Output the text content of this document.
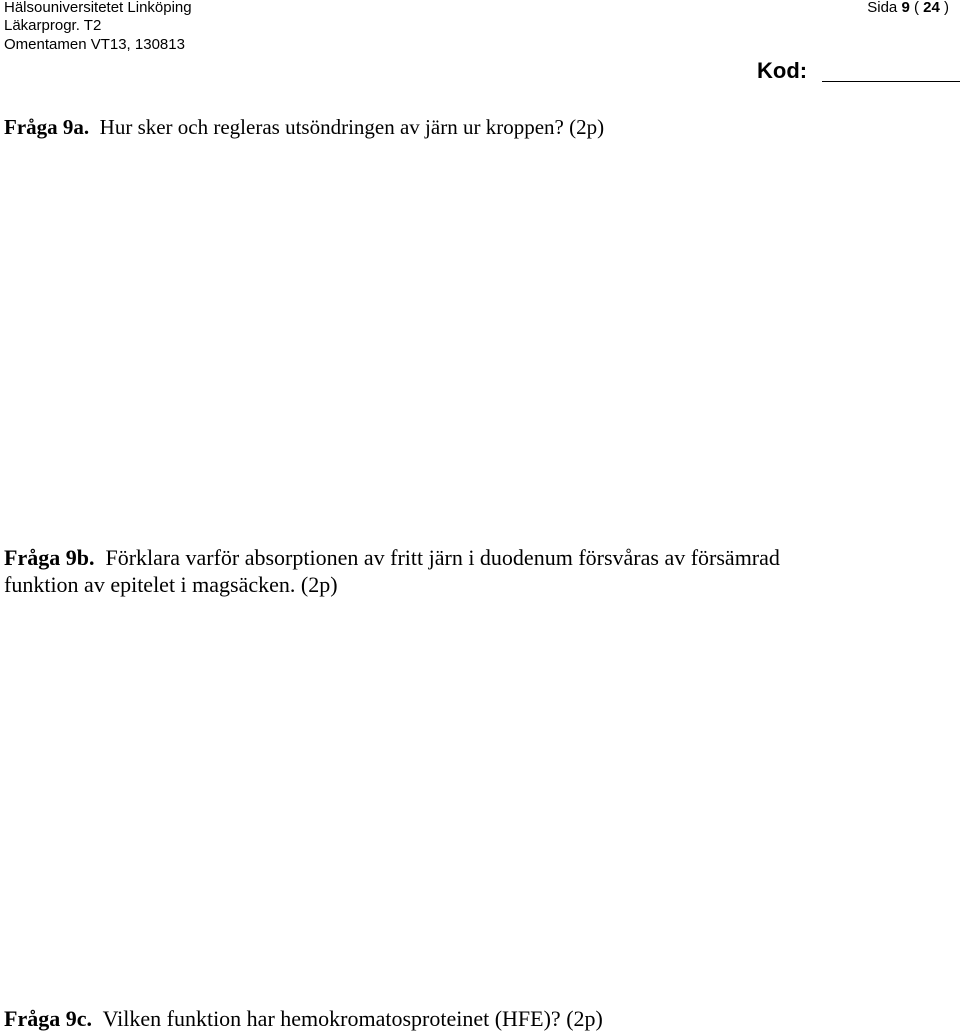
Hälsouniversitetet Linköping
Läkarprogr. T2
Omentamen VT13, 130813
Sida 9 ( 24 )
Kod:
Fråga 9a. Hur sker och regleras utsöndringen av järn ur kroppen? (2p)
Fråga 9b. Förklara varför absorptionen av fritt järn i duodenum försvåras av försämrad
funktion av epitelet i magsäcken. (2p)
Fråga 9c. Vilken funktion har hemokromatosproteinet (HFE)? (2p)
